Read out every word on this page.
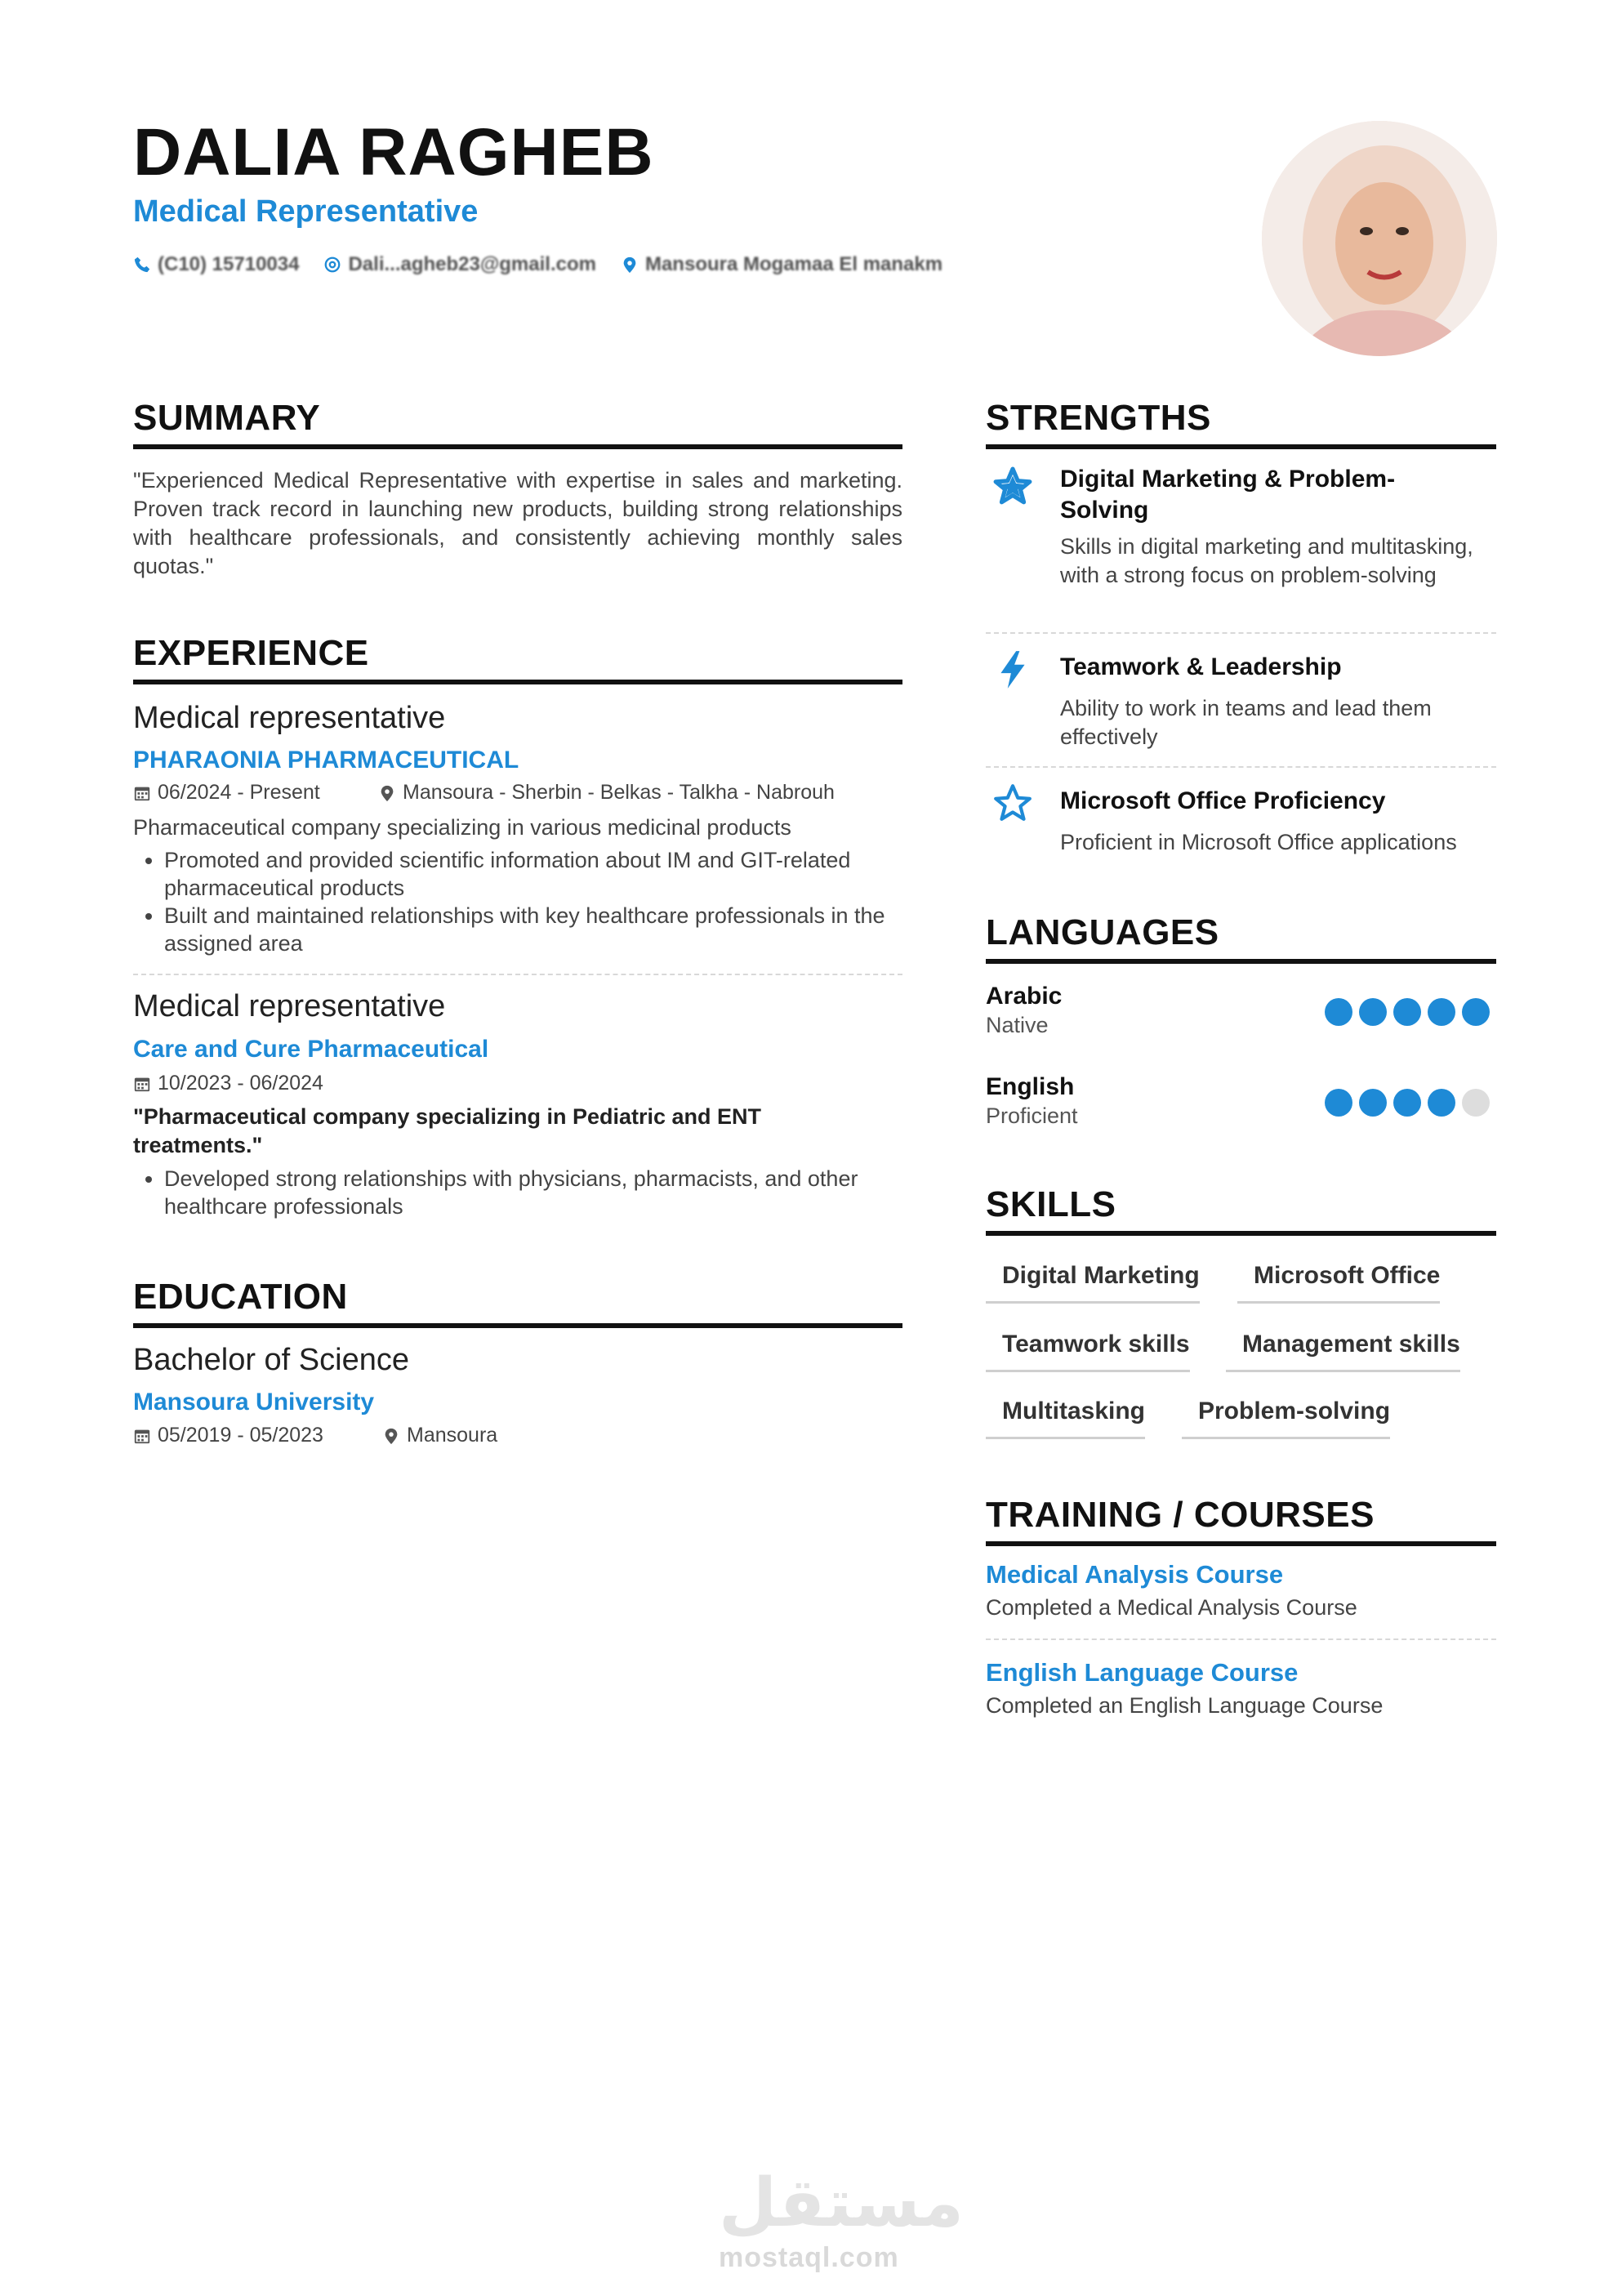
DALIA RAGHEB
Medical Representative
(C10) 15710034	Dali...agheb23@gmail.com	Mansoura Mogamaa El manakm
SUMMARY
"Experienced Medical Representative with expertise in sales and marketing. Proven track record in launching new products, building strong relationships with healthcare professionals, and consistently achieving monthly sales quotas."
EXPERIENCE
Medical representative
PHARAONIA PHARMACEUTICAL
06/2024 - Present	Mansoura - Sherbin - Belkas - Talkha - Nabrouh
Pharmaceutical company specializing in various medicinal products
• Promoted and provided scientific information about IM and GIT-related pharmaceutical products
• Built and maintained relationships with key healthcare professionals in the assigned area
Medical representative
Care and Cure Pharmaceutical
10/2023 - 06/2024
"Pharmaceutical company specializing in Pediatric and ENT treatments."
• Developed strong relationships with physicians, pharmacists, and other healthcare professionals
EDUCATION
Bachelor of Science
Mansoura University
05/2019 - 05/2023	Mansoura
STRENGTHS
Digital Marketing & Problem-Solving
Skills in digital marketing and multitasking, with a strong focus on problem-solving
Teamwork & Leadership
Ability to work in teams and lead them effectively
Microsoft Office Proficiency
Proficient in Microsoft Office applications
LANGUAGES
Arabic
Native
English
Proficient
SKILLS
Digital Marketing	Microsoft Office
Teamwork skills	Management skills
Multitasking	Problem-solving
TRAINING / COURSES
Medical Analysis Course
Completed a Medical Analysis Course
English Language Course
Completed an English Language Course
مستقل
mostaql.com
